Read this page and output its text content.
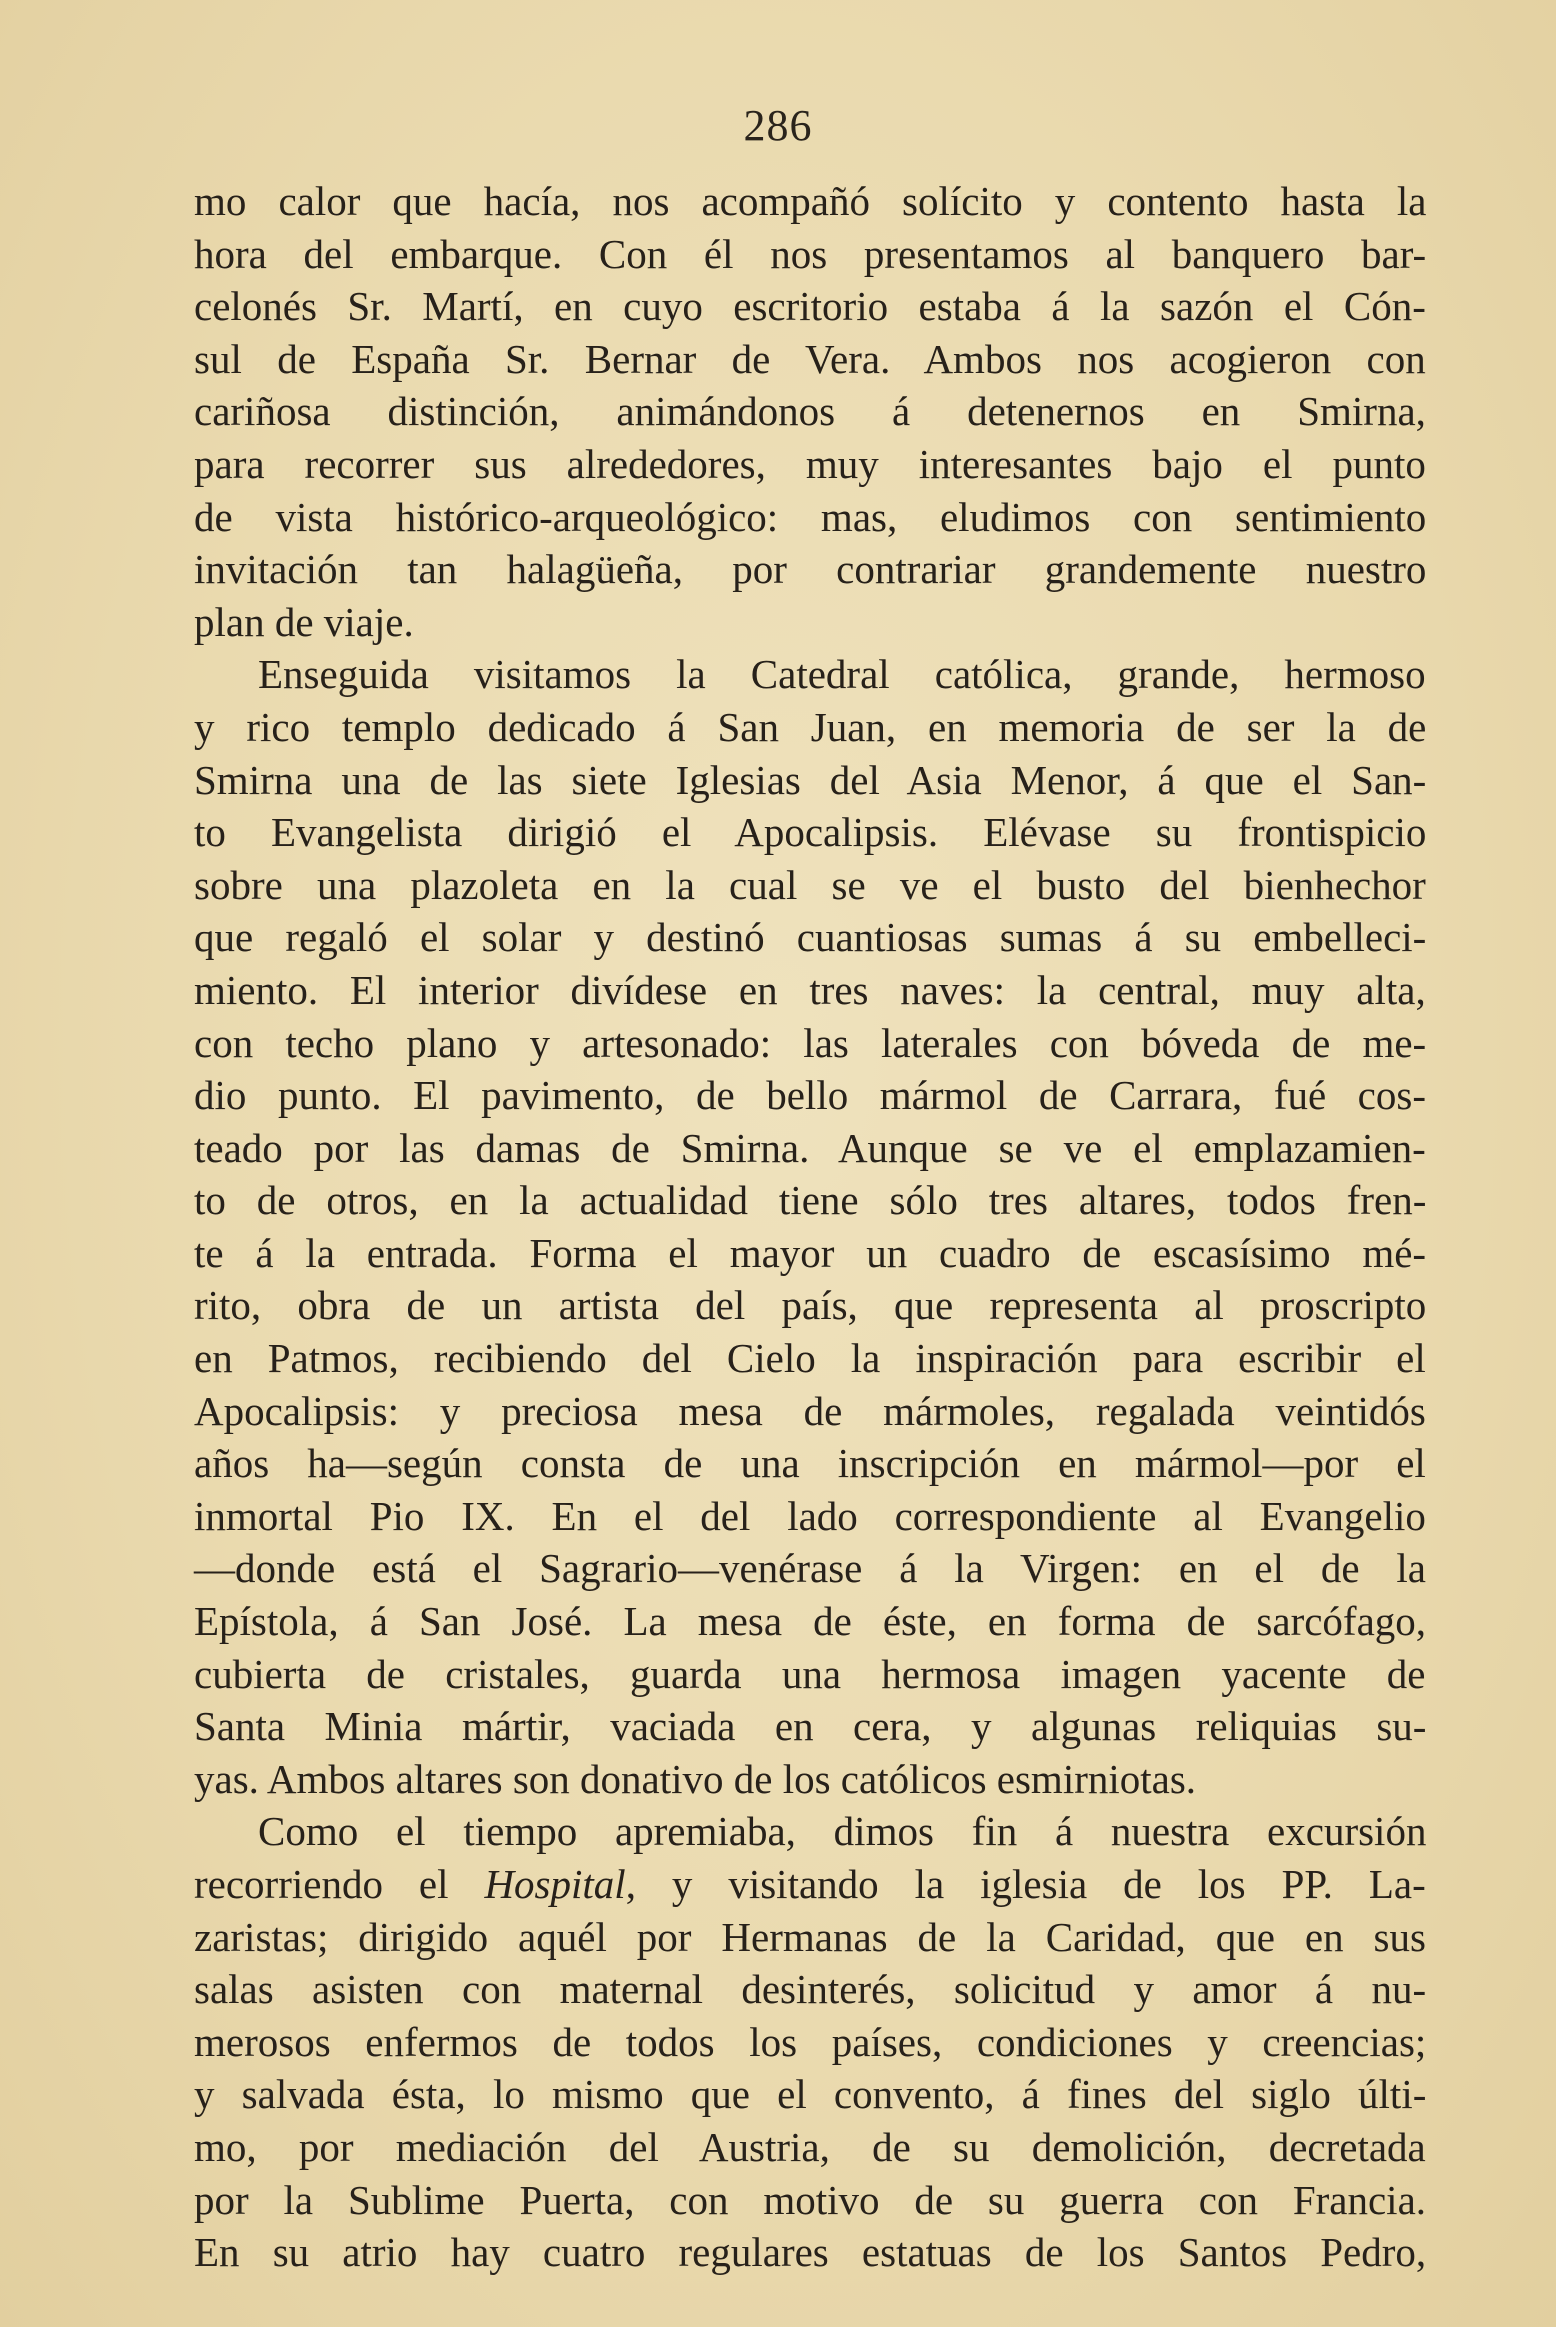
286
mo calor que hacía, nos acompañó solícito y contento hasta la
hora del embarque. Con él nos presentamos al banquero bar-
celonés Sr. Martí, en cuyo escritorio estaba á la sazón el Cón-
sul de España Sr. Bernar de Vera. Ambos nos acogieron con
cariñosa distinción, animándonos á detenernos en Smirna,
para recorrer sus alrededores, muy interesantes bajo el punto
de vista histórico-arqueológico: mas, eludimos con sentimiento
invitación tan halagüeña, por contrariar grandemente nuestro
plan de viaje.
Enseguida visitamos la Catedral católica, grande, hermoso
y rico templo dedicado á San Juan, en memoria de ser la de
Smirna una de las siete Iglesias del Asia Menor, á que el San-
to Evangelista dirigió el Apocalipsis. Elévase su frontispicio
sobre una plazoleta en la cual se ve el busto del bienhechor
que regaló el solar y destinó cuantiosas sumas á su embelleci-
miento. El interior divídese en tres naves: la central, muy alta,
con techo plano y artesonado: las laterales con bóveda de me-
dio punto. El pavimento, de bello mármol de Carrara, fué cos-
teado por las damas de Smirna. Aunque se ve el emplazamien-
to de otros, en la actualidad tiene sólo tres altares, todos fren-
te á la entrada. Forma el mayor un cuadro de escasísimo mé-
rito, obra de un artista del país, que representa al proscripto
en Patmos, recibiendo del Cielo la inspiración para escribir el
Apocalipsis: y preciosa mesa de mármoles, regalada veintidós
años ha—según consta de una inscripción en mármol—por el
inmortal Pio IX. En el del lado correspondiente al Evangelio
—donde está el Sagrario—venérase á la Virgen: en el de la
Epístola, á San José. La mesa de éste, en forma de sarcófago,
cubierta de cristales, guarda una hermosa imagen yacente de
Santa Minia mártir, vaciada en cera, y algunas reliquias su-
yas. Ambos altares son donativo de los católicos esmirniotas.
Como el tiempo apremiaba, dimos fin á nuestra excursión
recorriendo el Hospital, y visitando la iglesia de los PP. La-
zaristas; dirigido aquél por Hermanas de la Caridad, que en sus
salas asisten con maternal desinterés, solicitud y amor á nu-
merosos enfermos de todos los países, condiciones y creencias;
y salvada ésta, lo mismo que el convento, á fines del siglo últi-
mo, por mediación del Austria, de su demolición, decretada
por la Sublime Puerta, con motivo de su guerra con Francia.
En su atrio hay cuatro regulares estatuas de los Santos Pedro,
